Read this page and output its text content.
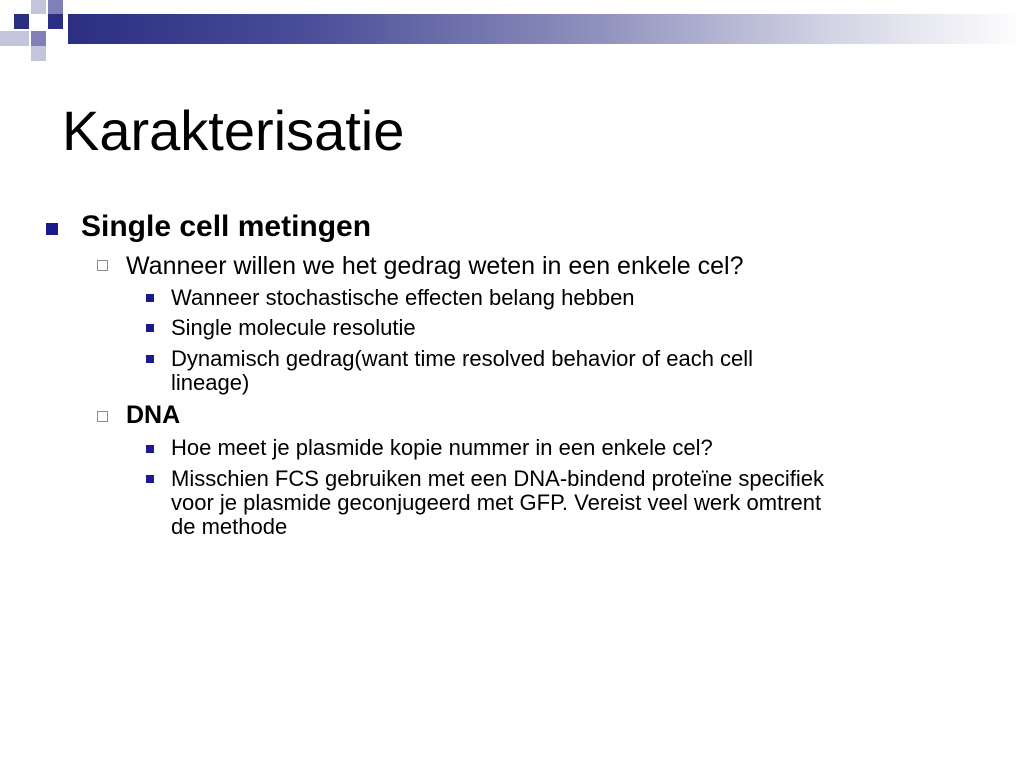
Karakterisatie
Single cell metingen
Wanneer willen we het gedrag weten in een enkele cel?
Wanneer stochastische effecten belang hebben
Single molecule resolutie
Dynamisch gedrag(want time resolved behavior of each cell
lineage)
DNA
Hoe meet je plasmide kopie nummer in een enkele cel?
Misschien FCS gebruiken met een DNA-bindend proteïne specifiek
voor je plasmide geconjugeerd met GFP. Vereist veel werk omtrent
de methode
